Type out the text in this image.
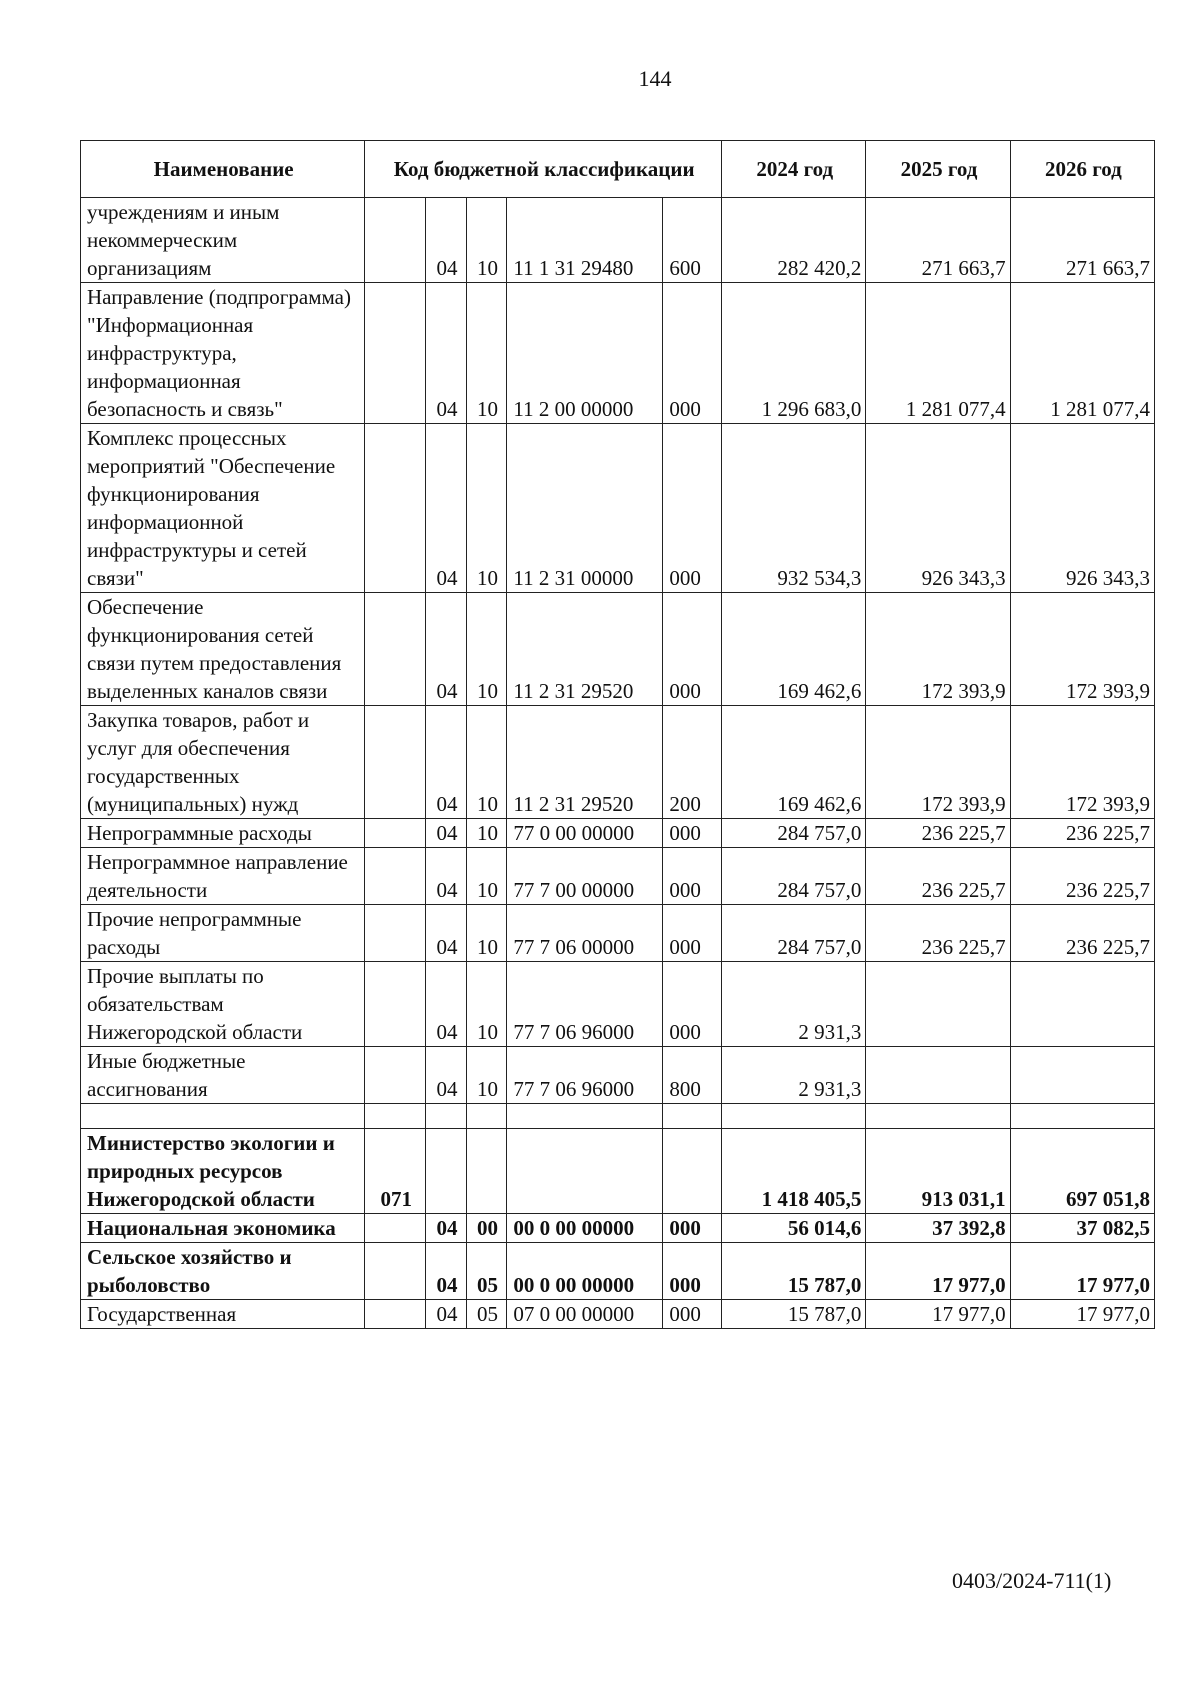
144
Наименование	Код бюджетной классификации					2024 год	2025 год	2026 год
учреждениям и иным некоммерческим организациям		04	10	11 1 31 29480	600	282 420,2	271 663,7	271 663,7
Направление (подпрограмма) "Информационная инфраструктура, информационная безопасность и связь"		04	10	11 2 00 00000	000	1 296 683,0	1 281 077,4	1 281 077,4
Комплекс процессных мероприятий "Обеспечение функционирования информационной инфраструктуры и сетей связи"		04	10	11 2 31 00000	000	932 534,3	926 343,3	926 343,3
Обеспечение функционирования сетей связи путем предоставления выделенных каналов связи		04	10	11 2 31 29520	000	169 462,6	172 393,9	172 393,9
Закупка товаров, работ и услуг для обеспечения государственных (муниципальных) нужд		04	10	11 2 31 29520	200	169 462,6	172 393,9	172 393,9
Непрограммные расходы		04	10	77 0 00 00000	000	284 757,0	236 225,7	236 225,7
Непрограммное направление деятельности		04	10	77 7 00 00000	000	284 757,0	236 225,7	236 225,7
Прочие непрограммные расходы		04	10	77 7 06 00000	000	284 757,0	236 225,7	236 225,7
Прочие выплаты по обязательствам Нижегородской области		04	10	77 7 06 96000	000	2 931,3		
Иные бюджетные ассигнования		04	10	77 7 06 96000	800	2 931,3		

Министерство экологии и природных ресурсов Нижегородской области	071					1 418 405,5	913 031,1	697 051,8
Национальная экономика		04	00	00 0 00 00000	000	56 014,6	37 392,8	37 082,5
Сельское хозяйство и рыболовство		04	05	00 0 00 00000	000	15 787,0	17 977,0	17 977,0
Государственная		04	05	07 0 00 00000	000	15 787,0	17 977,0	17 977,0
0403/2024-711(1)
